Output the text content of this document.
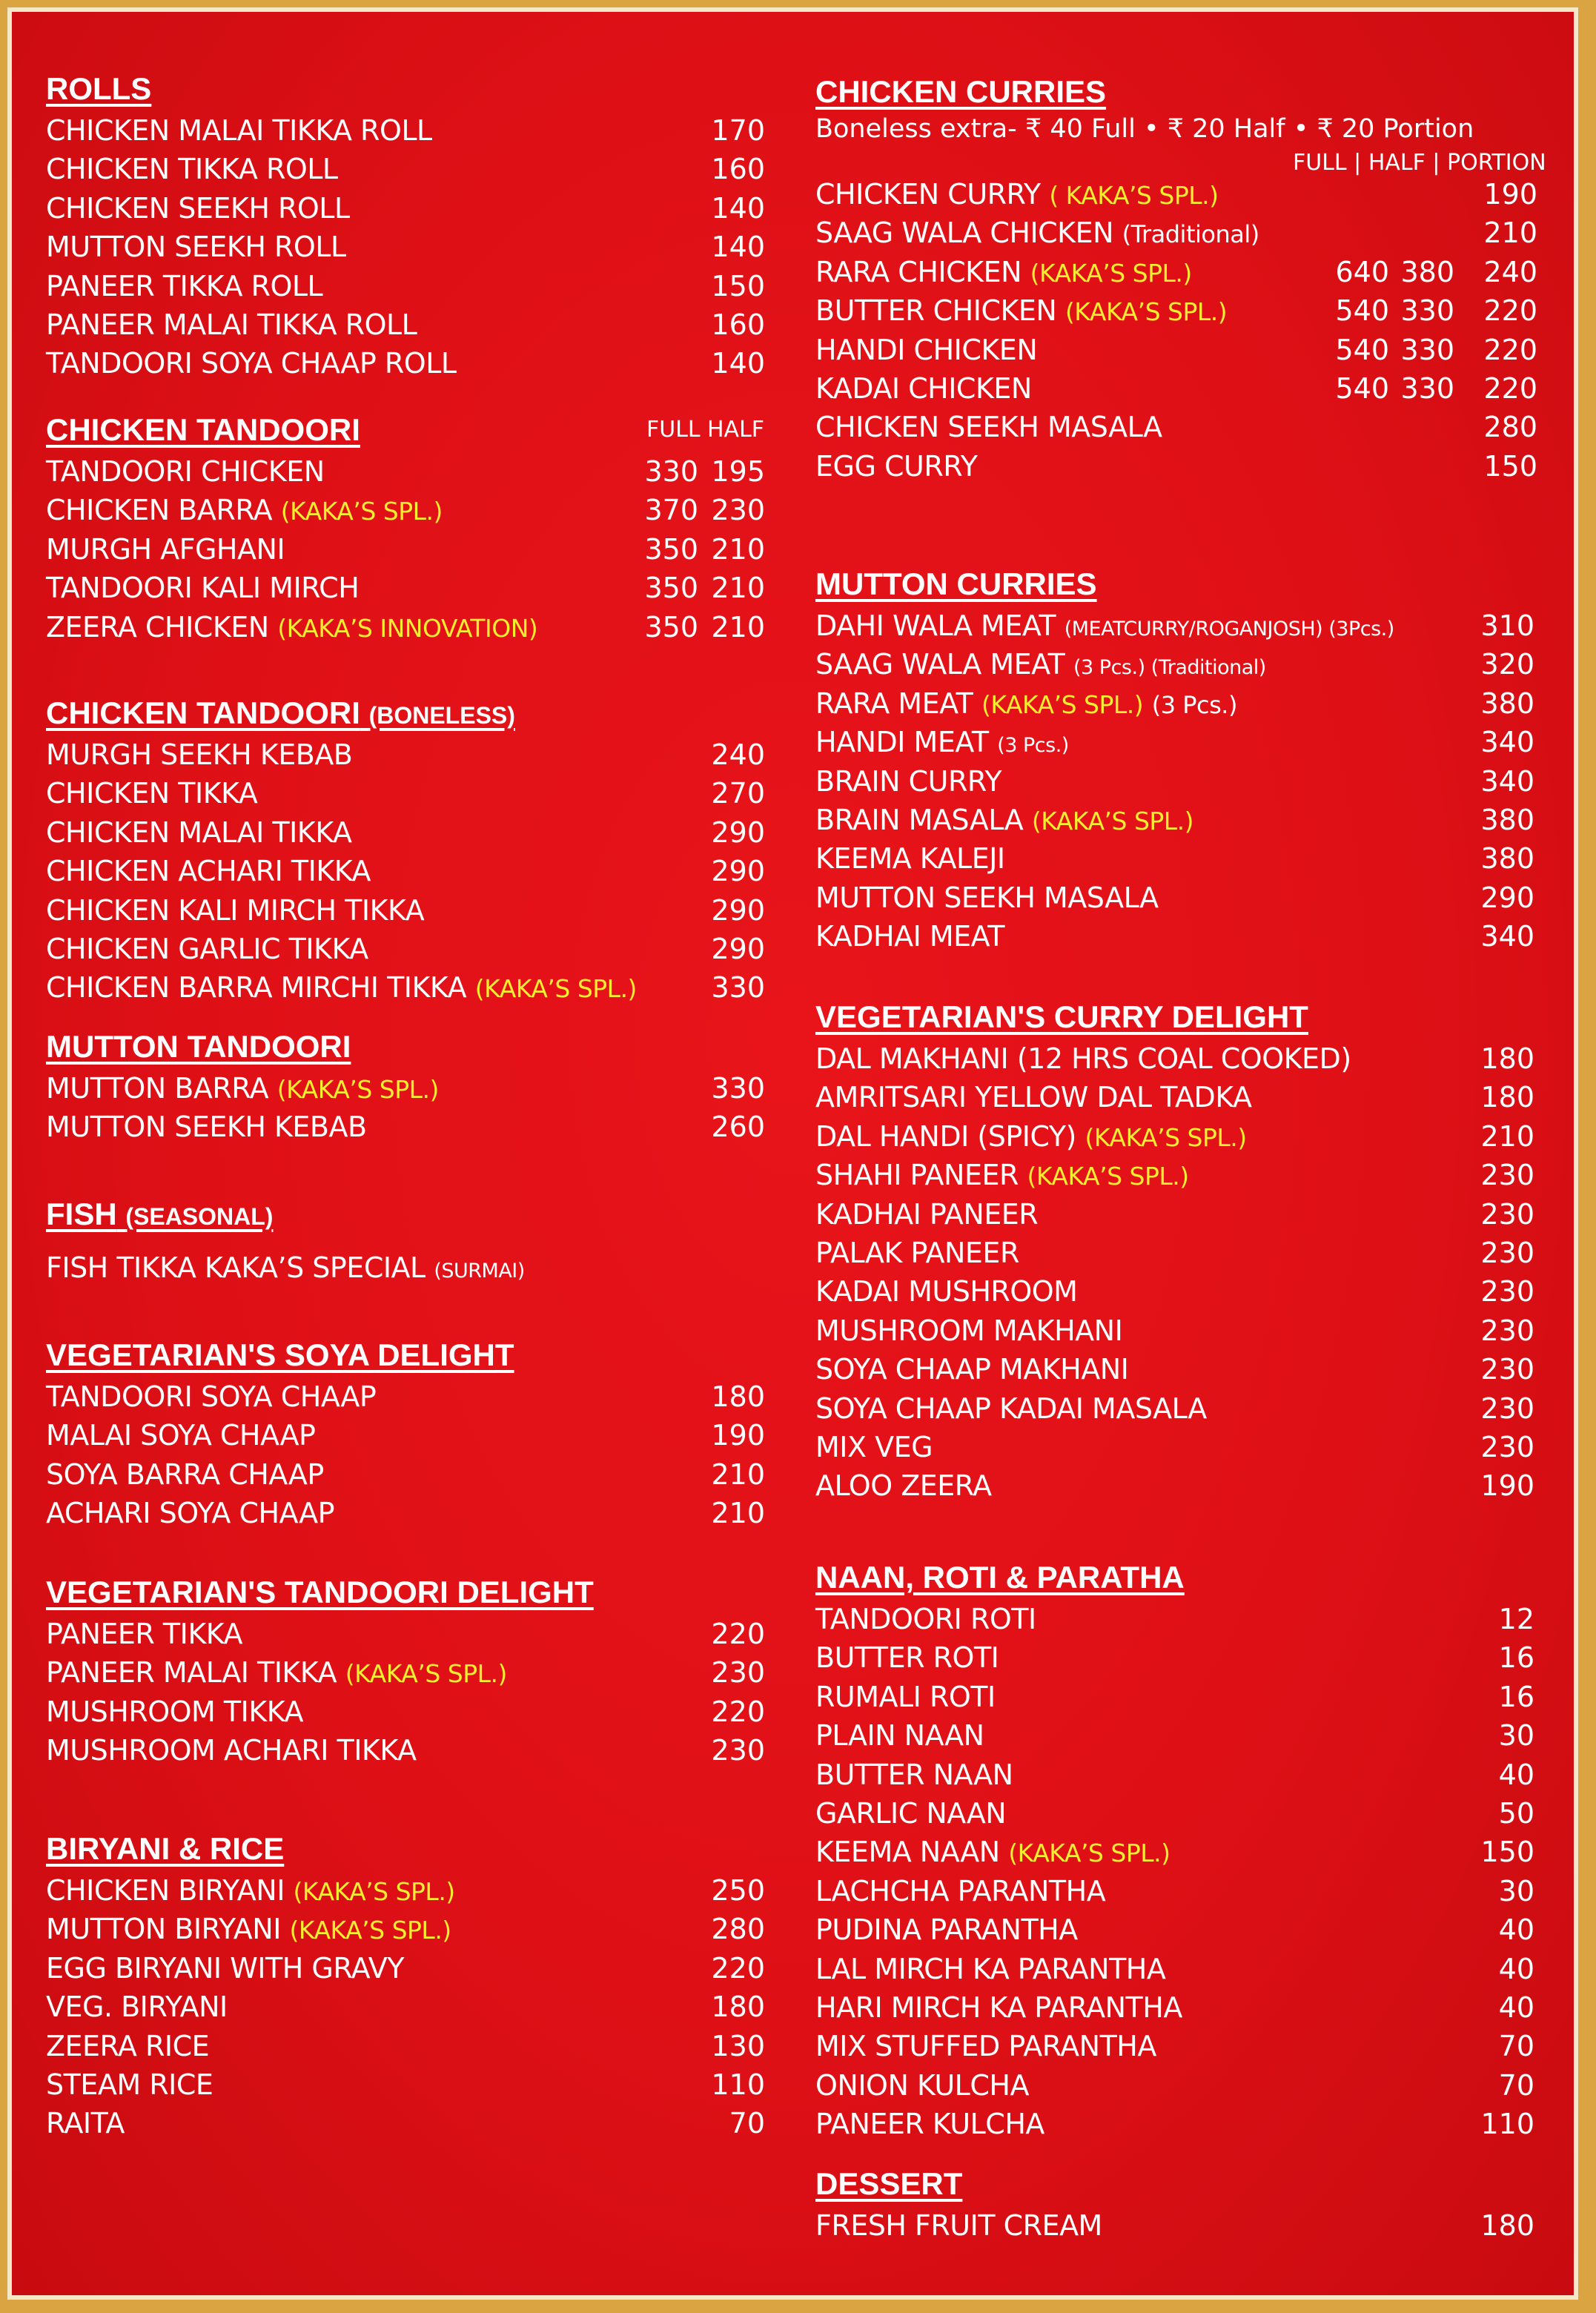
ROLLS
CHICKEN MALAI TIKKA ROLL	170
CHICKEN TIKKA ROLL	160
CHICKEN SEEKH ROLL	140
MUTTON SEEKH ROLL	140
PANEER TIKKA ROLL	150
PANEER MALAI TIKKA ROLL	160
TANDOORI SOYA CHAAP ROLL	140
CHICKEN TANDOORI	FULL HALF
TANDOORI CHICKEN	330 195
CHICKEN BARRA (KAKA’S SPL.)	370 230
MURGH AFGHANI	350 210
TANDOORI KALI MIRCH	350 210
ZEERA CHICKEN (KAKA’S INNOVATION)	350 210
CHICKEN TANDOORI (BONELESS)
MURGH SEEKH KEBAB	240
CHICKEN TIKKA	270
CHICKEN MALAI TIKKA	290
CHICKEN ACHARI TIKKA	290
CHICKEN KALI MIRCH TIKKA	290
CHICKEN GARLIC TIKKA	290
CHICKEN BARRA MIRCHI TIKKA (KAKA’S SPL.)	330
MUTTON TANDOORI
MUTTON BARRA (KAKA’S SPL.)	330
MUTTON SEEKH KEBAB	260
FISH (SEASONAL)
FISH TIKKA KAKA’S SPECIAL (SURMAI)
VEGETARIAN'S SOYA DELIGHT
TANDOORI SOYA CHAAP	180
MALAI SOYA CHAAP	190
SOYA BARRA CHAAP	210
ACHARI SOYA CHAAP	210
VEGETARIAN'S TANDOORI DELIGHT
PANEER TIKKA	220
PANEER MALAI TIKKA (KAKA’S SPL.)	230
MUSHROOM TIKKA	220
MUSHROOM ACHARI TIKKA	230
BIRYANI & RICE
CHICKEN BIRYANI (KAKA’S SPL.)	250
MUTTON BIRYANI (KAKA’S SPL.)	280
EGG BIRYANI WITH GRAVY	220
VEG. BIRYANI	180
ZEERA RICE	130
STEAM RICE	110
RAITA	70
CHICKEN CURRIES
Boneless extra- ₹ 40 Full • ₹ 20 Half • ₹ 20 Portion
FULL | HALF | PORTION
CHICKEN CURRY ( KAKA’S SPL.)	190
SAAG WALA CHICKEN (Traditional)	210
RARA CHICKEN (KAKA’S SPL.)	640 380 240
BUTTER CHICKEN (KAKA’S SPL.)	540 330 220
HANDI CHICKEN	540 330 220
KADAI CHICKEN	540 330 220
CHICKEN SEEKH MASALA	280
EGG CURRY	150
MUTTON CURRIES
DAHI WALA MEAT (MEATCURRY/ROGANJOSH) (3Pcs.)	310
SAAG WALA MEAT (3 Pcs.) (Traditional)	320
RARA MEAT (KAKA’S SPL.) (3 Pcs.)	380
HANDI MEAT (3 Pcs.)	340
BRAIN CURRY	340
BRAIN MASALA (KAKA’S SPL.)	380
KEEMA KALEJI	380
MUTTON SEEKH MASALA	290
KADHAI MEAT	340
VEGETARIAN'S CURRY DELIGHT
DAL MAKHANI (12 HRS COAL COOKED)	180
AMRITSARI YELLOW DAL TADKA	180
DAL HANDI (SPICY) (KAKA’S SPL.)	210
SHAHI PANEER (KAKA’S SPL.)	230
KADHAI PANEER	230
PALAK PANEER	230
KADAI MUSHROOM	230
MUSHROOM MAKHANI	230
SOYA CHAAP MAKHANI	230
SOYA CHAAP KADAI MASALA	230
MIX VEG	230
ALOO ZEERA	190
NAAN, ROTI & PARATHA
TANDOORI ROTI	12
BUTTER ROTI	16
RUMALI ROTI	16
PLAIN NAAN	30
BUTTER NAAN	40
GARLIC NAAN	50
KEEMA NAAN (KAKA’S SPL.)	150
LACHCHA PARANTHA	30
PUDINA PARANTHA	40
LAL MIRCH KA PARANTHA	40
HARI MIRCH KA PARANTHA	40
MIX STUFFED PARANTHA	70
ONION KULCHA	70
PANEER KULCHA	110
DESSERT
FRESH FRUIT CREAM	180
